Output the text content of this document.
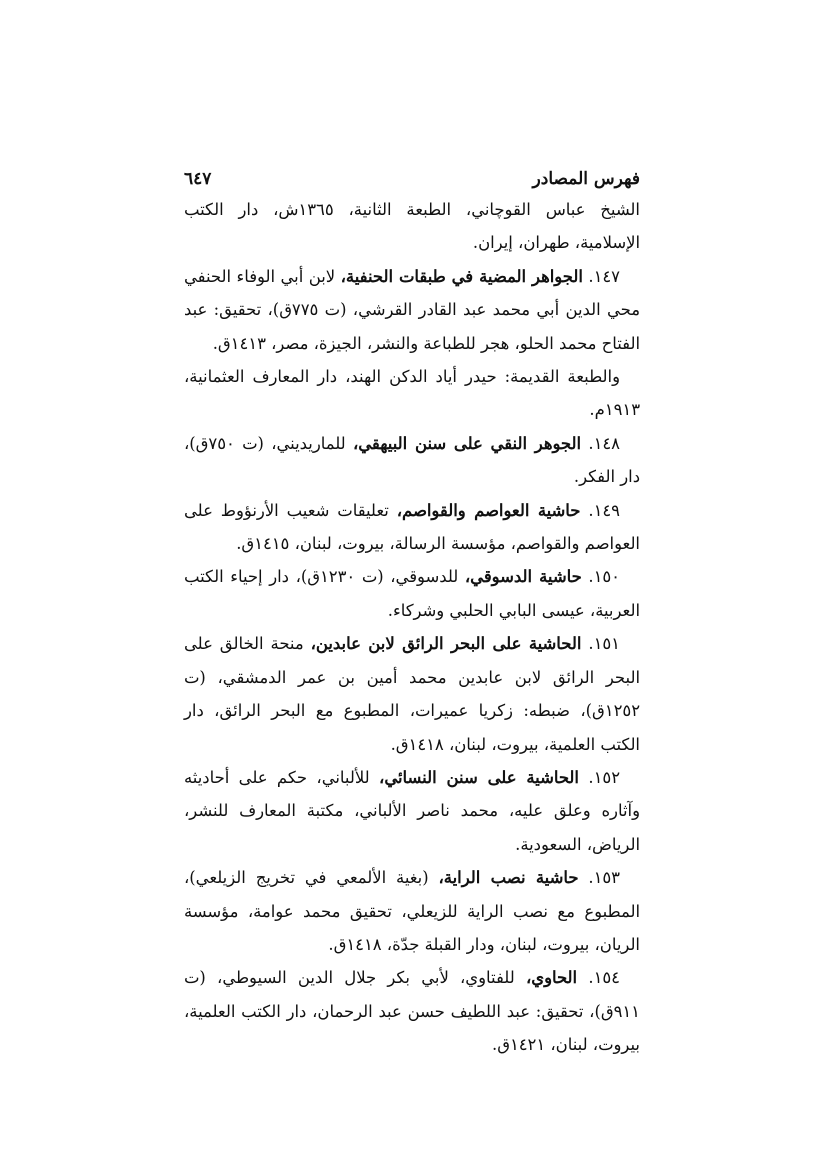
فهرس المصادر
٦٤٧

الشيخ عباس القوچاني، الطبعة الثانية، ١٣٦٥ش، دار الكتب الإسلامية، طهران، إيران.

١٤٧. الجواهر المضية في طبقات الحنفية، لابن أبي الوفاء الحنفي محي الدين أبي محمد عبد القادر القرشي، (ت ٧٧٥ق)، تحقيق: عبد الفتاح محمد الحلو، هجر للطباعة والنشر، الجيزة، مصر، ١٤١٣ق.

والطبعة القديمة: حيدر أياد الدكن الهند، دار المعارف العثمانية، ١٩١٣م.

١٤٨. الجوهر النقي على سنن البيهقي، للماريديني، (ت ٧٥٠ق)، دار الفكر.

١٤٩. حاشية العواصم والقواصم، تعليقات شعيب الأرنؤوط على العواصم والقواصم، مؤسسة الرسالة، بيروت، لبنان، ١٤١٥ق.

١٥٠. حاشية الدسوقي، للدسوقي، (ت ١٢٣٠ق)، دار إحياء الكتب العربية، عيسى البابي الحلبي وشركاء.

١٥١. الحاشية على البحر الرائق لابن عابدين، منحة الخالق على البحر الرائق لابن عابدين محمد أمين بن عمر الدمشقي، (ت ١٢٥٢ق)، ضبطه: زكريا عميرات، المطبوع مع البحر الرائق، دار الكتب العلمية، بيروت، لبنان، ١٤١٨ق.

١٥٢. الحاشية على سنن النسائي، للألباني، حكم على أحاديثه وآثاره وعلق عليه، محمد ناصر الألباني، مكتبة المعارف للنشر، الرياض، السعودية.

١٥٣. حاشية نصب الراية، (بغية الألمعي في تخريج الزيلعي)، المطبوع مع نصب الراية للزيعلي، تحقيق محمد عوامة، مؤسسة الريان، بيروت، لبنان، ودار القبلة جدّة، ١٤١٨ق.

١٥٤. الحاوي، للفتاوي، لأبي بكر جلال الدين السيوطي، (ت ٩١١ق)، تحقيق: عبد اللطيف حسن عبد الرحمان، دار الكتب العلمية، بيروت، لبنان، ١٤٢١ق.
